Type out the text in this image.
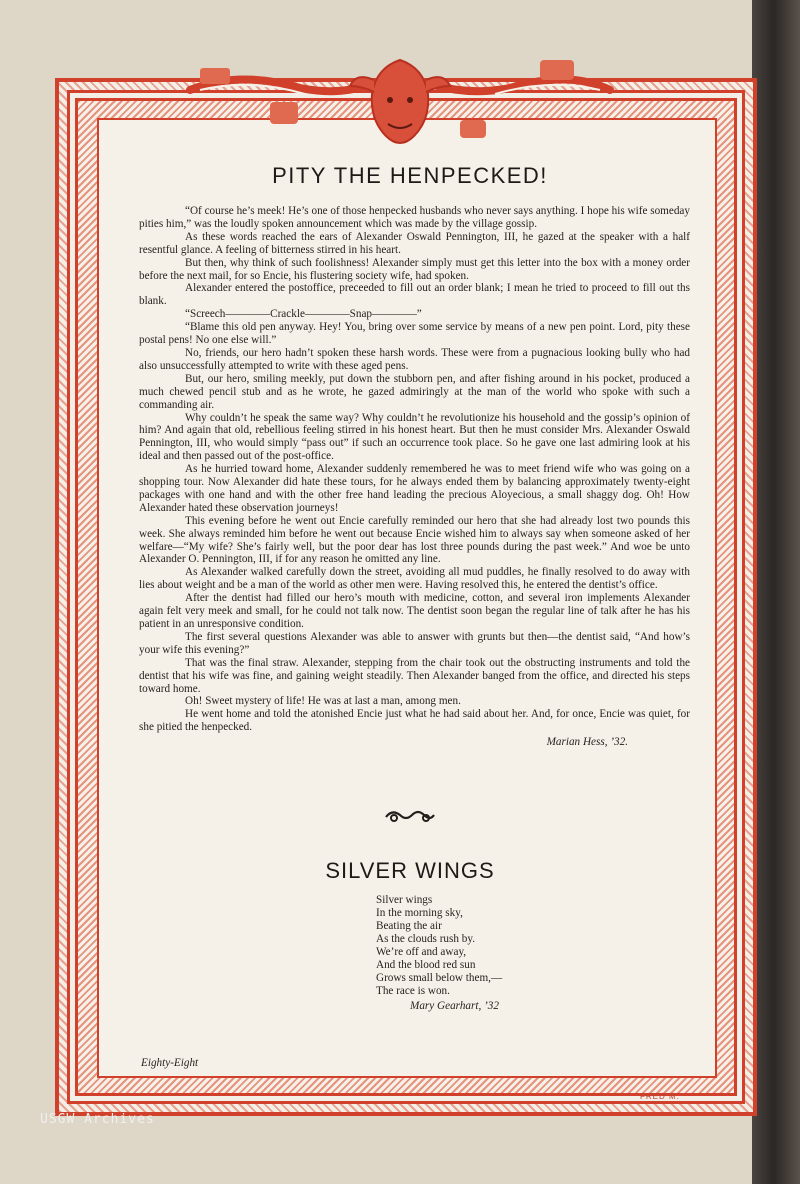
PITY THE HENPECKED!

“Of course he’s meek! He’s one of those henpecked husbands who never says anything. I hope his wife someday pities him,” was the loudly spoken announcement which was made by the village gossip.

As these words reached the ears of Alexander Oswald Pennington, III, he gazed at the speaker with a half resentful glance. A feeling of bitterness stirred in his heart.

But then, why think of such foolishness! Alexander simply must get this letter into the box with a money order before the next mail, for so Encie, his flustering society wife, had spoken.

Alexander entered the postoffice, preceeded to fill out an order blank; I mean he tried to proceed to fill out ths blank.

“Screech————Crackle————Snap————”

“Blame this old pen anyway. Hey! You, bring over some service by means of a new pen point. Lord, pity these postal pens! No one else will.”

No, friends, our hero hadn’t spoken these harsh words. These were from a pugnacious looking bully who had also unsuccessfully attempted to write with these aged pens.

But, our hero, smiling meekly, put down the stubborn pen, and after fishing around in his pocket, produced a much chewed pencil stub and as he wrote, he gazed admiringly at the man of the world who spoke with such a commanding air.

Why couldn’t he speak the same way? Why couldn’t he revolutionize his household and the gossip’s opinion of him? And again that old, rebellious feeling stirred in his honest heart. But then he must consider Mrs. Alexander Oswald Pennington, III, who would simply “pass out” if such an occurrence took place. So he gave one last admiring look at his ideal and then passed out of the post-office.

As he hurried toward home, Alexander suddenly remembered he was to meet friend wife who was going on a shopping tour. Now Alexander did hate these tours, for he always ended them by balancing approximately twenty-eight packages with one hand and with the other free hand leading the precious Aloyecious, a small shaggy dog. Oh! How Alexander hated these observation journeys!

This evening before he went out Encie carefully reminded our hero that she had already lost two pounds this week. She always reminded him before he went out because Encie wished him to always say when someone asked of her welfare—“My wife? She’s fairly well, but the poor dear has lost three pounds during the past week.” And woe be unto Alexander O. Pennington, III, if for any reason he omitted any line.

As Alexander walked carefully down the street, avoiding all mud puddles, he finally resolved to do away with lies about weight and be a man of the world as other men were. Having resolved this, he entered the dentist’s office.

After the dentist had filled our hero’s mouth with medicine, cotton, and several iron implements Alexander again felt very meek and small, for he could not talk now. The dentist soon began the regular line of talk after he has his patient in an unresponsive condition.

The first several questions Alexander was able to answer with grunts but then—the dentist said, “And how’s your wife this evening?”

That was the final straw. Alexander, stepping from the chair took out the obstructing instruments and told the dentist that his wife was fine, and gaining weight steadily. Then Alexander banged from the office, and directed his steps toward home.

Oh! Sweet mystery of life! He was at last a man, among men.

He went home and told the atonished Encie just what he had said about her. And, for once, Encie was quiet, for she pitied the henpecked.

Marian Hess, ’32.
SILVER WINGS
Silver wings
In the morning sky,
Beating the air
As the clouds rush by.
We’re off and away,
And the blood red sun
Grows small below them,—
The race is won.
Mary Gearhart, ’32
Eighty-Eight
FRED M.
USGW Archives
